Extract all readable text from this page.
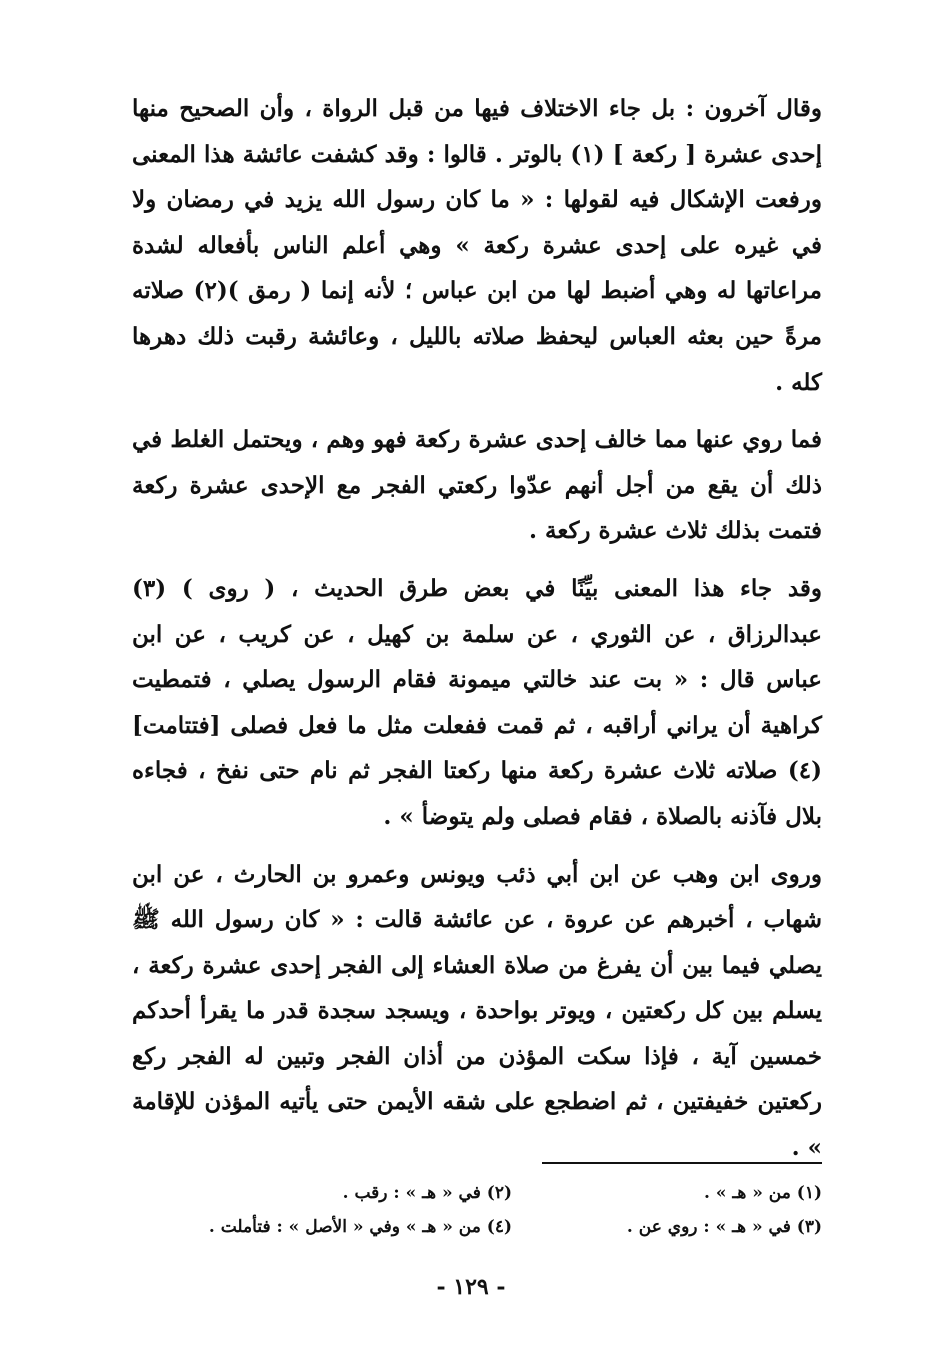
وقال آخرون : بل جاء الاختلاف فيها من قبل الرواة ، وأن الصحيح منها إحدى عشرة [ ركعة ] (١) بالوتر . قالوا : وقد كشفت عائشة هذا المعنى ورفعت الإشكال فيه لقولها : « ما كان رسول الله يزيد في رمضان ولا في غيره على إحدى عشرة ركعة » وهي أعلم الناس بأفعاله لشدة مراعاتها له وهي أضبط لها من ابن عباس ؛ لأنه إنما ( رمق )(٢) صلاته مرةً حين بعثه العباس ليحفظ صلاته بالليل ، وعائشة رقبت ذلك دهرها كله .

فما روي عنها مما خالف إحدى عشرة ركعة فهو وهم ، ويحتمل الغلط في ذلك أن يقع من أجل أنهم عدّوا ركعتي الفجر مع الإحدى عشرة ركعة فتمت بذلك ثلاث عشرة ركعة .

وقد جاء هذا المعنى بيِّنًا في بعض طرق الحديث ، ( روى ) (٣) عبدالرزاق ، عن الثوري ، عن سلمة بن كهيل ، عن كريب ، عن ابن عباس قال : « بت عند خالتي ميمونة فقام الرسول يصلي ، فتمطيت كراهية أن يراني أراقبه ، ثم قمت ففعلت مثل ما فعل فصلى [فتتامت](٤) صلاته ثلاث عشرة ركعة منها ركعتا الفجر ثم نام حتى نفخ ، فجاءه بلال فآذنه بالصلاة ، فقام فصلى ولم يتوضأ » .

وروى ابن وهب عن ابن أبي ذئب ويونس وعمرو بن الحارث ، عن ابن شهاب ، أخبرهم عن عروة ، عن عائشة قالت : « كان رسول الله ﷺ يصلي فيما بين أن يفرغ من صلاة العشاء إلى الفجر إحدى عشرة ركعة ، يسلم بين كل ركعتين ، ويوتر بواحدة ، ويسجد سجدة قدر ما يقرأ أحدكم خمسين آية ، فإذا سكت المؤذن من أذان الفجر وتبين له الفجر ركع ركعتين خفيفتين ، ثم اضطجع على شقه الأيمن حتى يأتيه المؤذن للإقامة » .

(١) من « هـ » .
(٢) في « هـ » : رقب .
(٣) في « هـ » : روي عن .
(٤) من « هـ » وفي « الأصل » : فتأملت .
- ١٢٩ -
